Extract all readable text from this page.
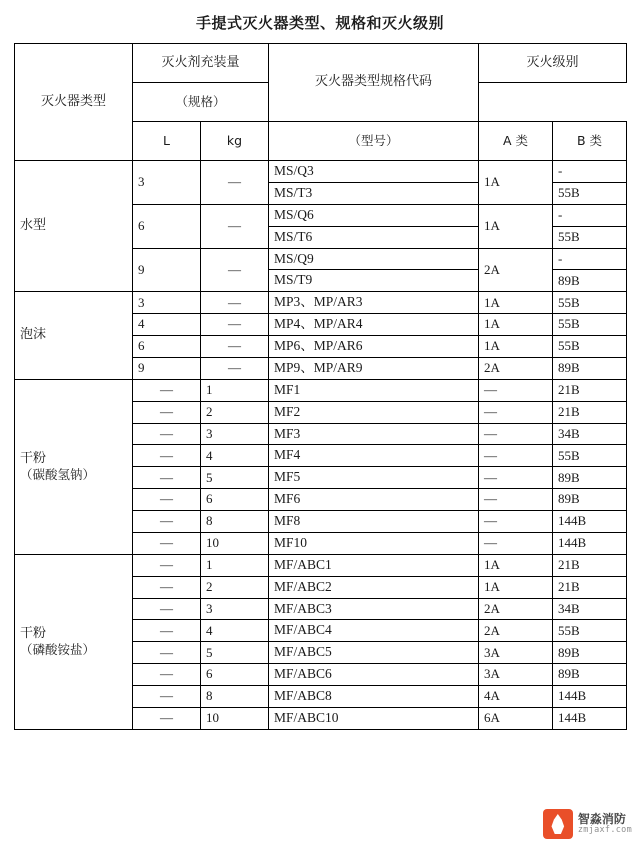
手提式灭火器类型、规格和灭火级别
灭火器类型	灭火剂充装量		灭火器类型规格代码	灭火级别	
	（规格）				
	L	kg	（型号）	A 类	B 类
水型	3	—	MS/Q3	1A	-
			MS/T3		55B
	6	—	MS/Q6	1A	-
			MS/T6		55B
	9	—	MS/Q9	2A	-
			MS/T9		89B
泡沫	3	—	MP3、MP/AR3	1A	55B
	4	—	MP4、MP/AR4	1A	55B
	6	—	MP6、MP/AR6	1A	55B
	9	—	MP9、MP/AR9	2A	89B
干粉
（碳酸氢钠）	—	1	MF1	—	21B
	—	2	MF2	—	21B
	—	3	MF3	—	34B
	—	4	MF4	—	55B
	—	5	MF5	—	89B
	—	6	MF6	—	89B
	—	8	MF8	—	144B
	—	10	MF10	—	144B
干粉
（磷酸铵盐）	—	1	MF/ABC1	1A	21B
	—	2	MF/ABC2	1A	21B
	—	3	MF/ABC3	2A	34B
	—	4	MF/ABC4	2A	55B
	—	5	MF/ABC5	3A	89B
	—	6	MF/ABC6	3A	89B
	—	8	MF/ABC8	4A	144B
	—	10	MF/ABC10	6A	144B
智淼消防
zmjaxf.com
